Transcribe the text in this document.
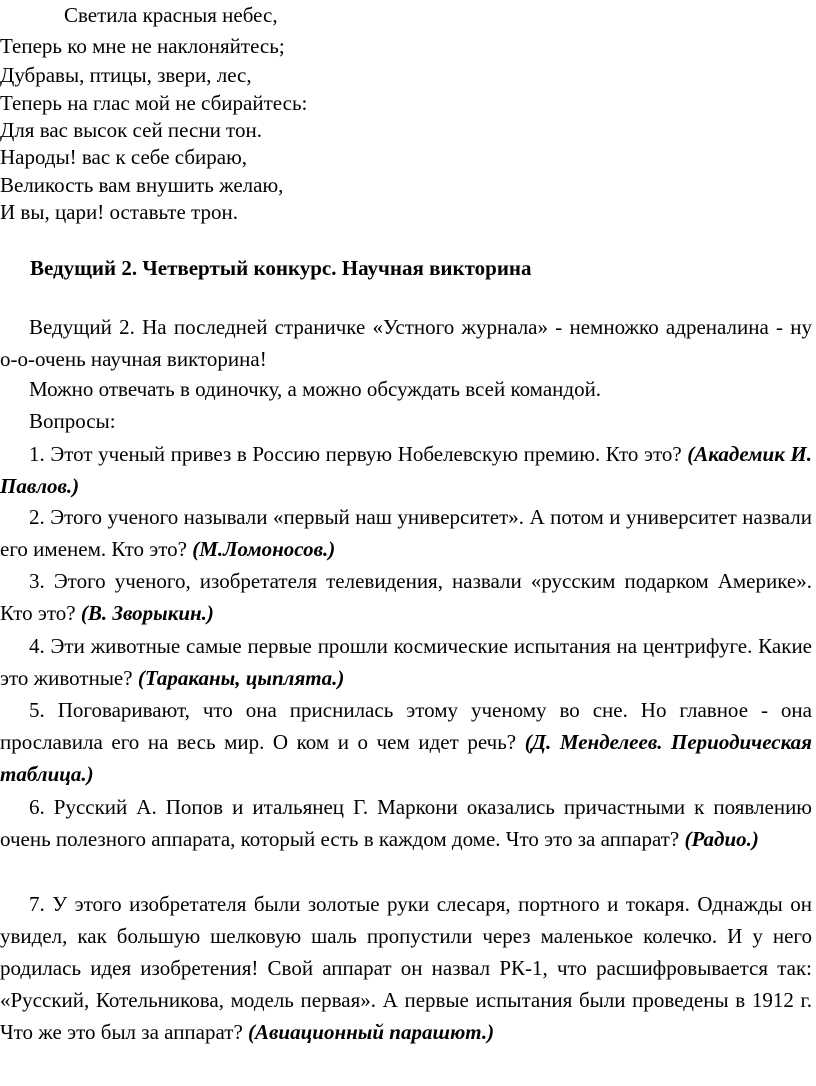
Светила красныя небес,
Теперь ко мне не наклоняйтесь;
Дубравы, птицы, звери, лес,
Теперь на глас мой не сбирайтесь:
Для вас высок сей песни тон.
Народы! вас к себе сбираю,
Великость вам внушить желаю,
И вы, цари! оставьте трон.
Ведущий 2. Четвертый конкурс. Научная викторина
Ведущий 2. На последней страничке «Устного журнала» - немножко адреналина - ну о-о-очень научная викторина!
Можно отвечать в одиночку, а можно обсуждать всей командой.
Вопросы:
1. Этот ученый привез в Россию первую Нобелевскую премию. Кто это? (Академик И. Павлов.)
2. Этого ученого называли «первый наш университет». А потом и университет назвали его именем. Кто это? (М.Ломоносов.)
3. Этого ученого, изобретателя телевидения, назвали «русским подарком Америке». Кто это? (В. Зворыкин.)
4. Эти животные самые первые прошли космические испытания на центрифуге. Какие это животные? (Тараканы, цыплята.)
5. Поговаривают, что она приснилась этому ученому во сне. Но главное - она прославила его на весь мир. О ком и о чем идет речь? (Д. Менделеев. Периодическая таблица.)
6. Русский А. Попов и итальянец Г. Маркони оказались причастными к появлению очень полезного аппарата, который есть в каждом доме. Что это за аппарат? (Радио.)
7. У этого изобретателя были золотые руки слесаря, портного и токаря. Однажды он увидел, как большую шелковую шаль пропустили через маленькое колечко. И у него родилась идея изобретения! Свой аппарат он назвал РК-1, что расшифровывается так: «Русский, Котельникова, модель первая». А первые испытания были проведены в 1912 г. Что же это был за аппарат? (Авиационный парашют.)
